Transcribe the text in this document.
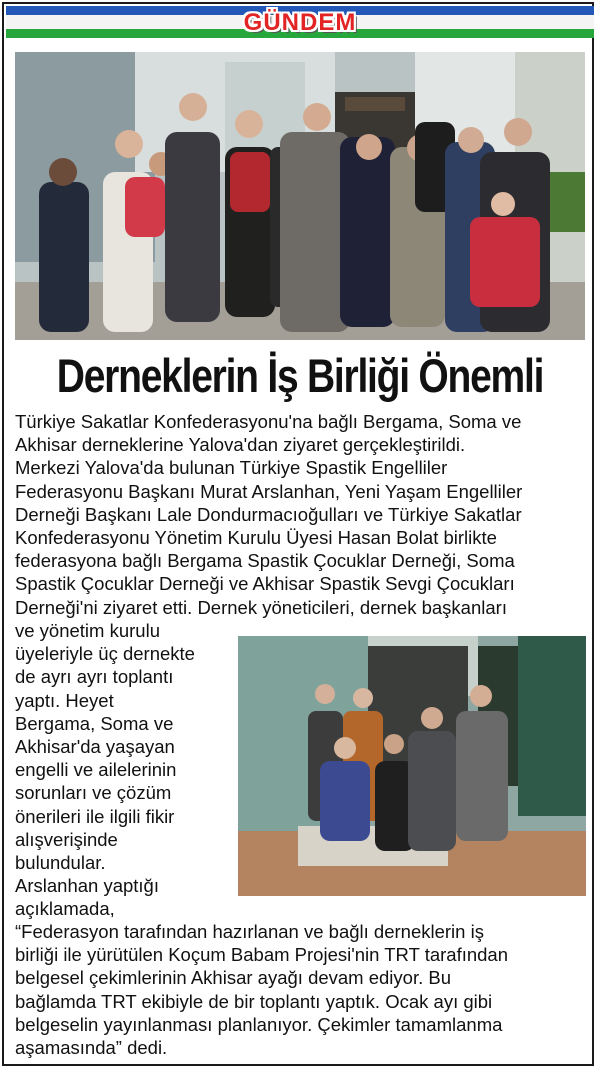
GÜNDEM
Derneklerin İş Birliği Önemli
Türkiye Sakatlar Konfederasyonu'na bağlı Bergama, Soma ve
Akhisar derneklerine Yalova'dan ziyaret gerçekleştirildi.
Merkezi Yalova'da bulunan Türkiye Spastik Engelliler
Federasyonu Başkanı Murat Arslanhan, Yeni Yaşam Engelliler
Derneği Başkanı Lale Dondurmacıoğulları ve Türkiye Sakatlar
Konfederasyonu Yönetim Kurulu Üyesi Hasan Bolat birlikte
federasyona bağlı Bergama Spastik Çocuklar Derneği, Soma
Spastik Çocuklar Derneği ve Akhisar Spastik Sevgi Çocukları
Derneği'ni ziyaret etti. Dernek yöneticileri, dernek başkanları
ve yönetim kurulu
üyeleriyle üç dernekte
de ayrı ayrı toplantı
yaptı. Heyet
Bergama, Soma ve
Akhisar'da yaşayan
engelli ve ailelerinin
sorunları ve çözüm
önerileri ile ilgili fikir
alışverişinde
bulundular.
Arslanhan yaptığı
açıklamada,
“Federasyon tarafından hazırlanan ve bağlı derneklerin iş
birliği ile yürütülen Koçum Babam Projesi'nin TRT tarafından
belgesel çekimlerinin Akhisar ayağı devam ediyor. Bu
bağlamda TRT ekibiyle de bir toplantı yaptık. Ocak ayı gibi
belgeselin yayınlanması planlanıyor. Çekimler tamamlanma
aşamasında” dedi.
